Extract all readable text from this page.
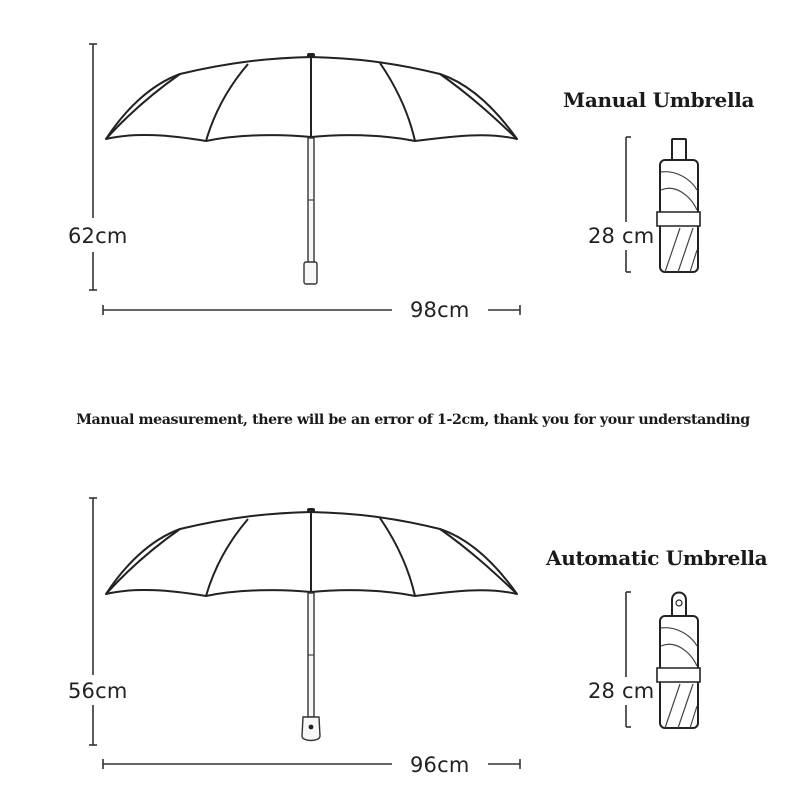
Manual Umbrella
62cm
98cm
28 cm
Manual measurement, there will be an error of 1-2cm, thank you for your understanding
Automatic Umbrella
56cm
96cm
28 cm
